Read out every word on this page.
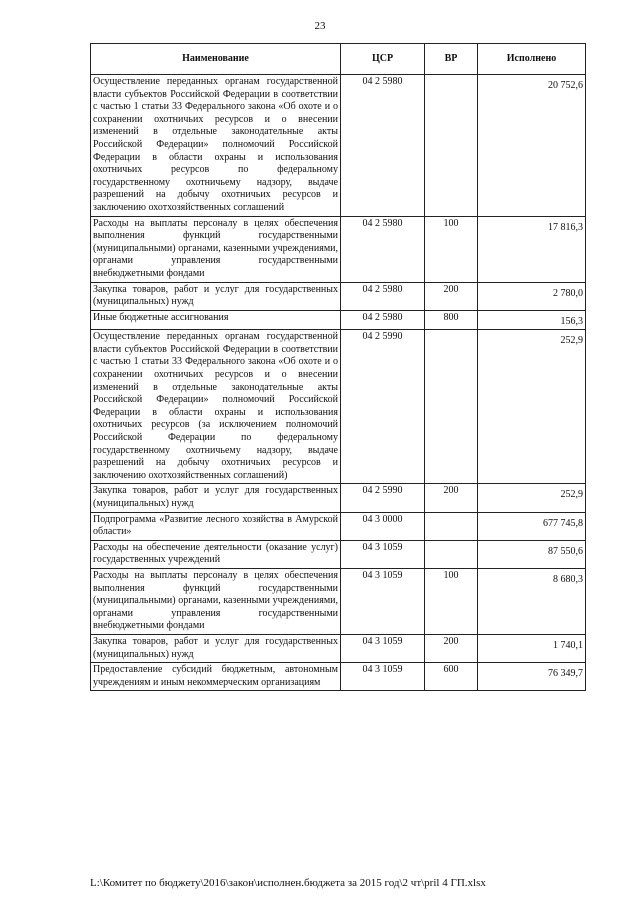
23
Наименование	ЦСР	ВР	Исполнено
Осуществление переданных органам государственной власти субъектов Российской Федерации в соответствии с частью 1 статьи 33 Федерального закона «Об охоте и о сохранении охотничьих ресурсов и о внесении изменений в отдельные законодательные акты Российской Федерации» полномочий Российской Федерации в области охраны и использования охотничьих ресурсов по федеральному государственному охотничьему надзору, выдаче разрешений на добычу охотничьих ресурсов и заключению охотхозяйственных соглашений	04 2 5980		20 752,6

Расходы на выплаты персоналу в целях обеспечения выполнения функций государственными (муниципальными) органами, казенными учреждениями, органами управления государственными внебюджетными фондами	04 2 5980	100	17 816,3

Закупка товаров, работ и услуг для государственных (муниципальных) нужд	04 2 5980	200	2 780,0

Иные бюджетные ассигнования	04 2 5980	800	156,3

Осуществление переданных органам государственной власти субъектов Российской Федерации в соответствии с частью 1 статьи 33 Федерального закона «Об охоте и о сохранении охотничьих ресурсов и о внесении изменений в отдельные законодательные акты Российской Федерации» полномочий Российской Федерации в области охраны и использования охотничьих ресурсов (за исключением полномочий Российской Федерации по федеральному государственному охотничьему надзору, выдаче разрешений на добычу охотничьих ресурсов и заключению охотхозяйственных соглашений)	04 2 5990		252,9

Закупка товаров, работ и услуг для государственных (муниципальных) нужд	04 2 5990	200	252,9

Подпрограмма «Развитие лесного хозяйства в Амурской области»	04 3 0000		677 745,8

Расходы на обеспечение деятельности (оказание услуг) государственных учреждений	04 3 1059		87 550,6

Расходы на выплаты персоналу в целях обеспечения выполнения функций государственными (муниципальными) органами, казенными учреждениями, органами управления государственными внебюджетными фондами	04 3 1059	100	8 680,3

Закупка товаров, работ и услуг для государственных (муниципальных) нужд	04 3 1059	200	1 740,1

Предоставление субсидий бюджетным, автономным учреждениям и иным некоммерческим организациям	04 3 1059	600	76 349,7
L:\Комитет по бюджету\2016\закон\исполнен.бюджета за 2015 год\2 чт\pril 4 ГП.xlsx
